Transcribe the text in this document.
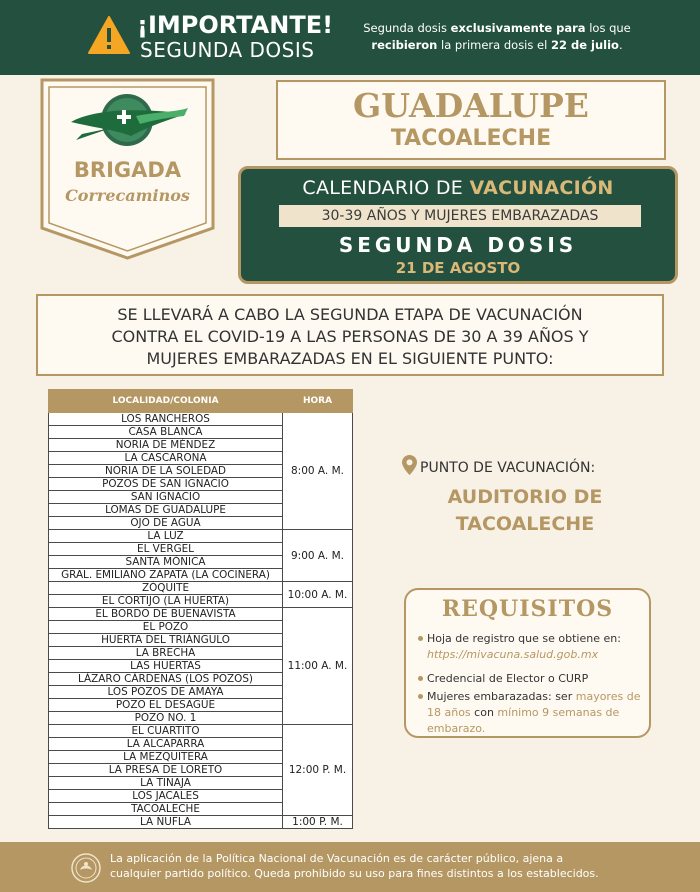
¡IMPORTANTE!
SEGUNDA DOSIS
Segunda dosis exclusivamente para los que
recibieron la primera dosis el 22 de julio.
BRIGADA
Correcaminos
GUADALUPE
TACOALECHE
CALENDARIO DE VACUNACIÓN
30-39 AÑOS Y MUJERES EMBARAZADAS
SEGUNDA DOSIS
21 DE AGOSTO
SE LLEVARÁ A CABO LA SEGUNDA ETAPA DE VACUNACIÓN
CONTRA EL COVID-19 A LAS PERSONAS DE 30 A 39 AÑOS Y
MUJERES EMBARAZADAS EN EL SIGUIENTE PUNTO:
LOCALIDAD/COLONIA	HORA
LOS RANCHEROS	8:00 A. M.
CASA BLANCA	
NORIA DE MÉNDEZ	
LA CASCARONA	
NORIA DE LA SOLEDAD	
POZOS DE SAN IGNACIO	
SAN IGNACIO	
LOMAS DE GUADALUPE	
OJO DE AGUA	
LA LUZ	9:00 A. M.
EL VERGEL	
SANTA MÓNICA	
GRAL. EMILIANO ZAPATA (LA COCINERA)	
ZÓQUITE	10:00 A. M.
EL CORTIJO (LA HUERTA)	
EL BORDO DE BUENAVISTA	11:00 A. M.
EL POZO	
HUERTA DEL TRIÁNGULO	
LA BRECHA	
LAS HUERTAS	
LÁZARO CÁRDENAS (LOS POZOS)	
LOS POZOS DE AMAYA	
POZO EL DESAGÜE	
POZO NO. 1	
EL CUARTITO	12:00 P. M.
LA ALCAPARRA	
LA MEZQUITERA	
LA PRESA DE LORETO	
LA TINAJA	
LOS JACALES	
TACOALECHE	
LA ÑUFLA	1:00 P. M.
PUNTO DE VACUNACIÓN:
AUDITORIO DE
TACOALECHE
REQUISITOS
Hoja de registro que se obtiene en: https://mivacuna.salud.gob.mx
Credencial de Elector o CURP
Mujeres embarazadas: ser mayores de 18 años con mínimo 9 semanas de embarazo.
La aplicación de la Política Nacional de Vacunación es de carácter público, ajena a
cualquier partido político. Queda prohibido su uso para fines distintos a los establecidos.
